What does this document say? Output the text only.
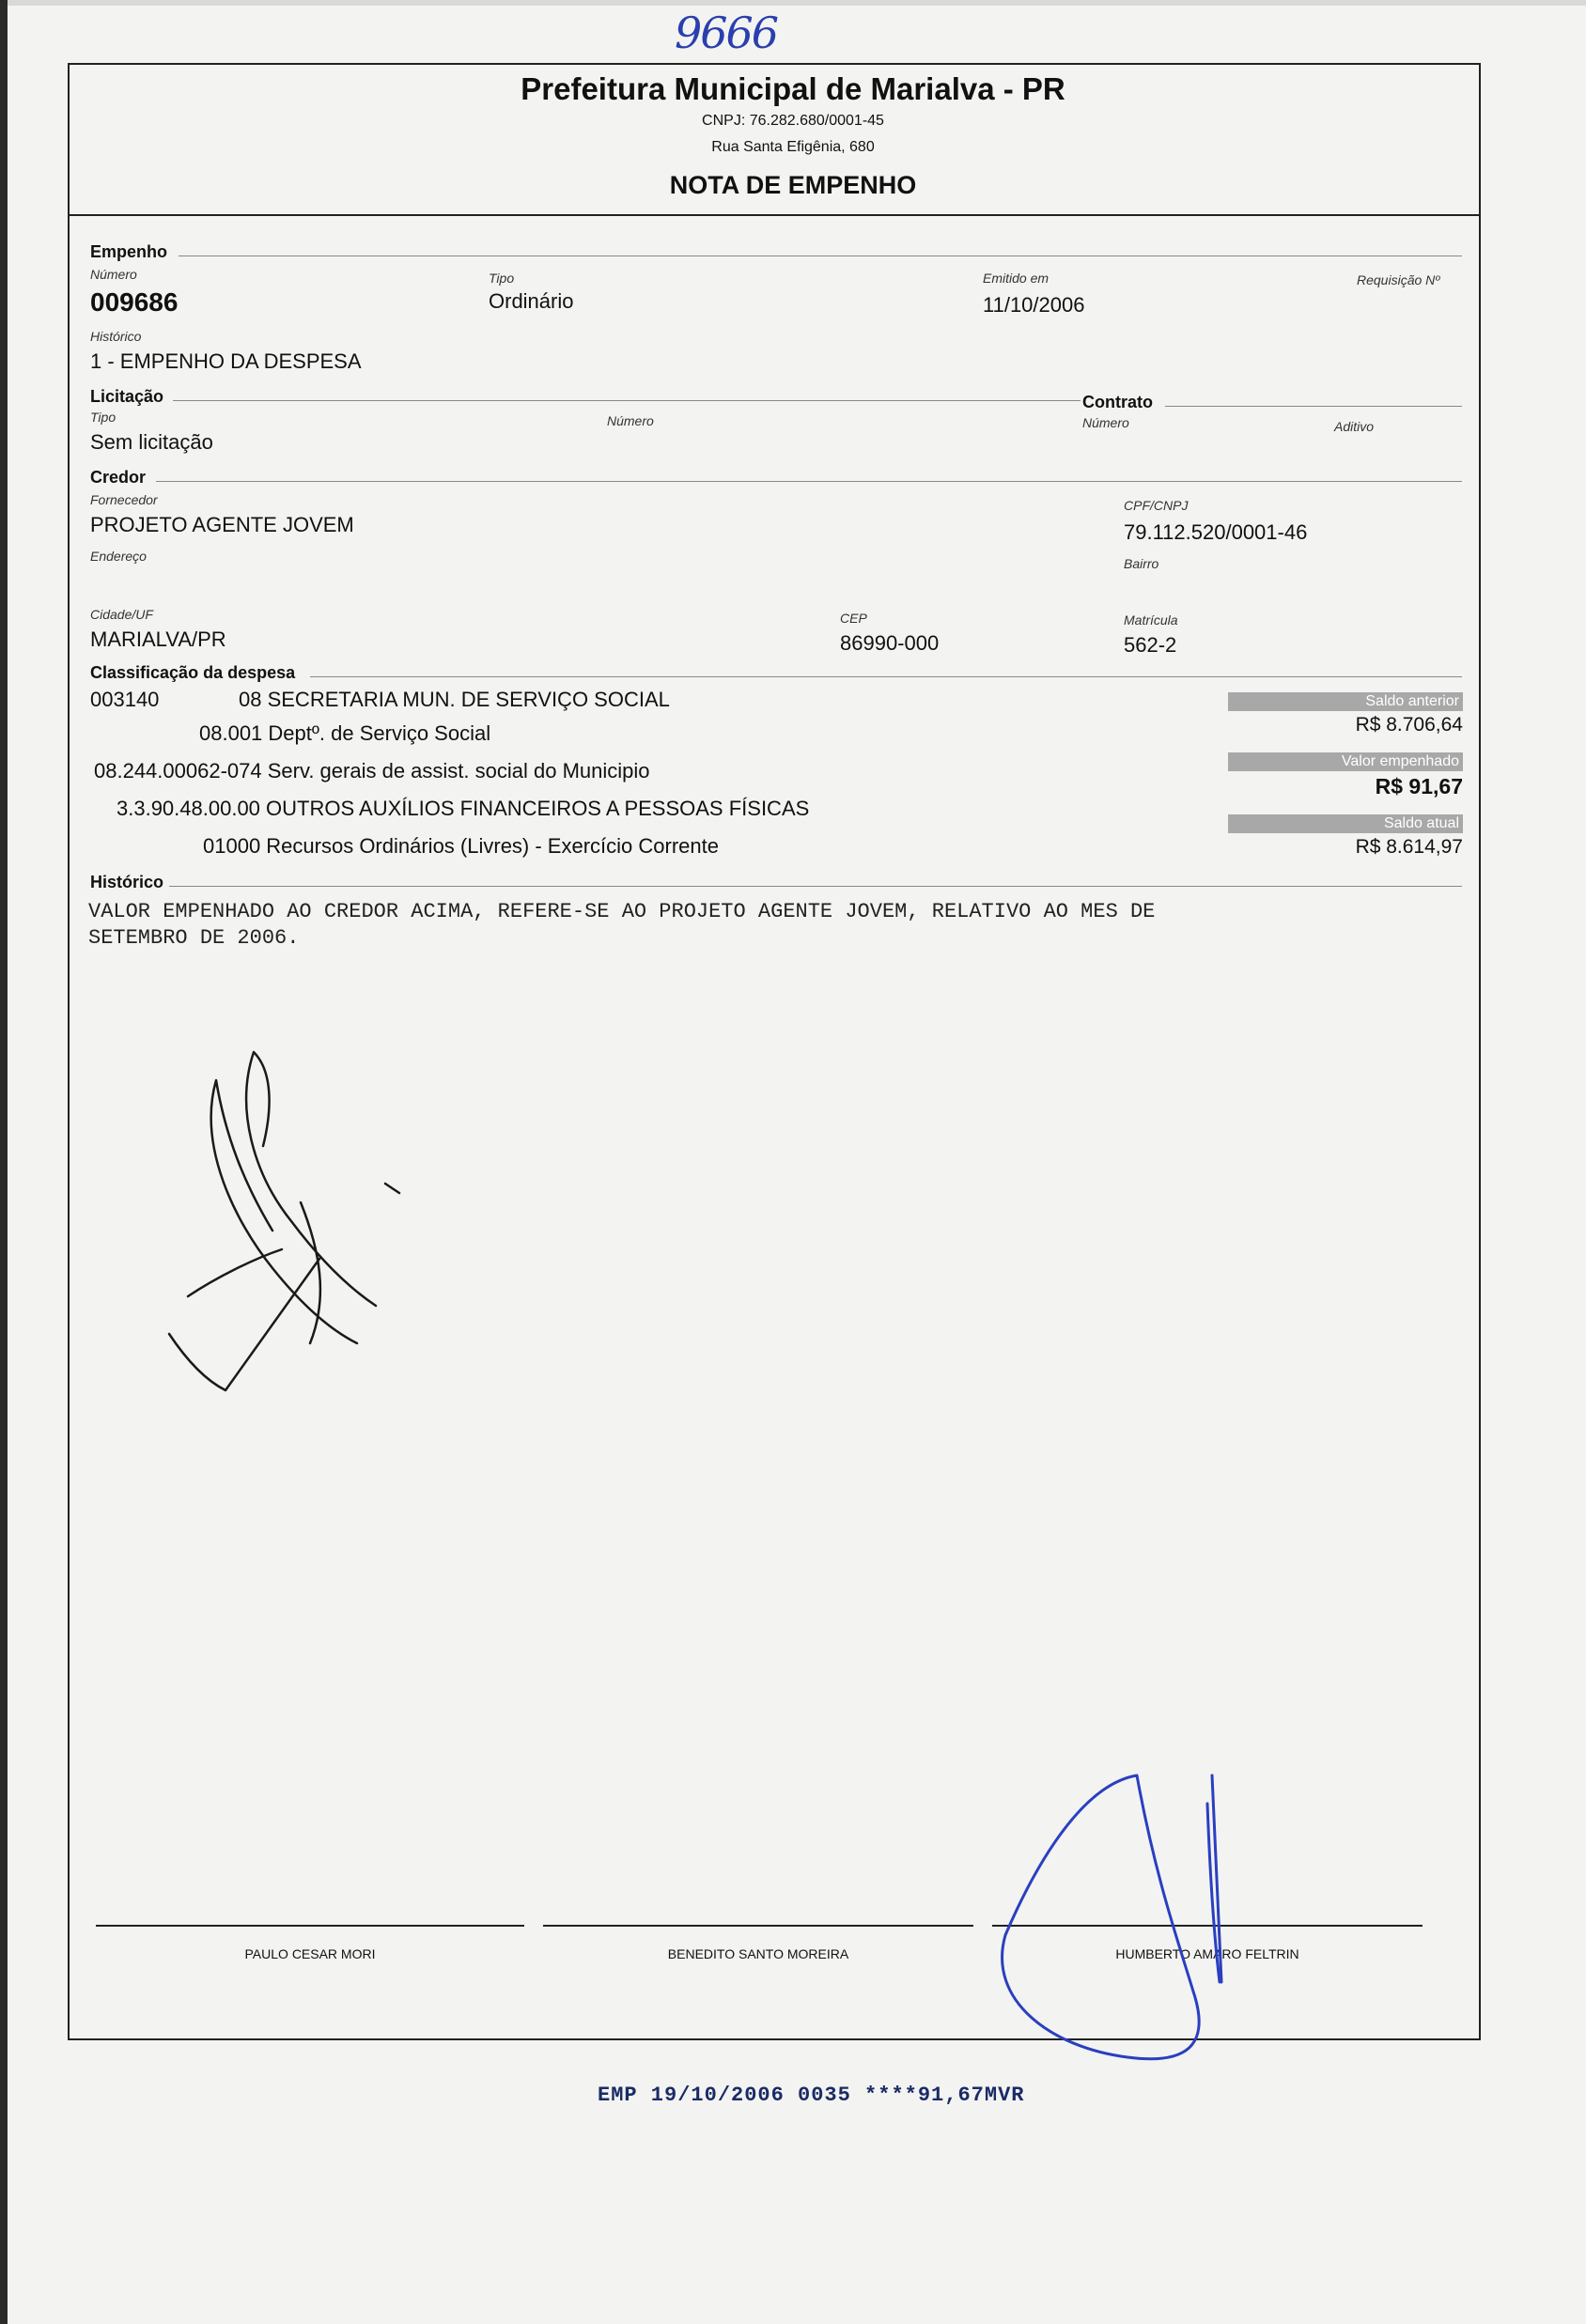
9666
Prefeitura Municipal de Marialva - PR
CNPJ: 76.282.680/0001-45
Rua Santa Efigênia, 680
NOTA DE EMPENHO
Empenho
Número
009686
Tipo
Ordinário
Emitido em
11/10/2006
Requisição Nº
Histórico
1 - EMPENHO DA DESPESA
Licitação
Tipo
Sem licitação
Número
Contrato
Número	Aditivo
Credor
Fornecedor
PROJETO AGENTE JOVEM
CPF/CNPJ
79.112.520/0001-46
Endereço	Bairro
Cidade/UF
MARIALVA/PR
CEP
86990-000
Matrícula
562-2
Classificação da despesa
003140	08 SECRETARIA MUN. DE SERVIÇO SOCIAL
08.001 Deptº. de Serviço Social
08.244.00062-074 Serv. gerais de assist. social do Municipio
3.3.90.48.00.00 OUTROS AUXÍLIOS FINANCEIROS A PESSOAS FÍSICAS
01000 Recursos Ordinários (Livres) - Exercício Corrente
Saldo anterior
R$ 8.706,64
Valor empenhado
R$ 91,67
Saldo atual
R$ 8.614,97
Histórico
VALOR EMPENHADO AO CREDOR ACIMA, REFERE-SE AO PROJETO AGENTE JOVEM, RELATIVO AO MES DE
SETEMBRO DE 2006.
PAULO CESAR MORI	BENEDITO SANTO MOREIRA	HUMBERTO AMARO FELTRIN
EMP 19/10/2006 0035 ****91,67MVR
